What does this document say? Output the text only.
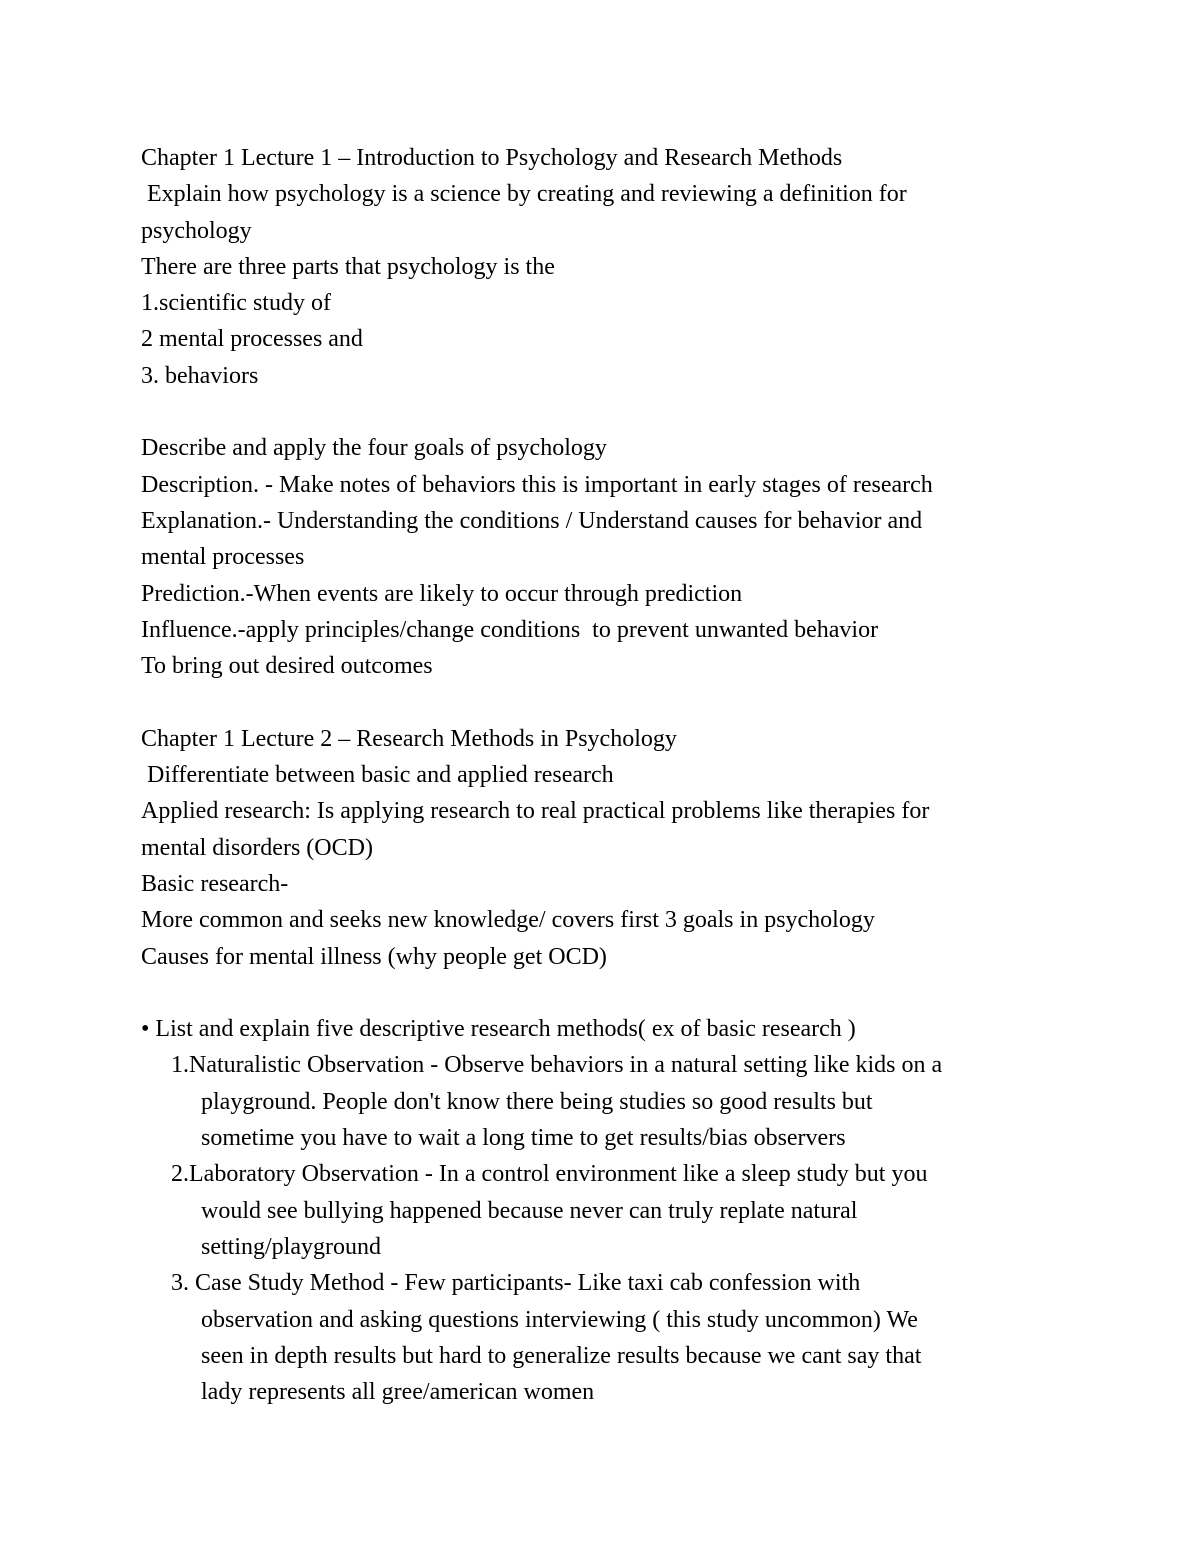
Chapter 1 Lecture 1 – Introduction to Psychology and Research Methods
Explain how psychology is a science by creating and reviewing a definition for
psychology
There are three parts that psychology is the
1.scientific study of
2 mental processes and
3. behaviors
Describe and apply the four goals of psychology
Description. - Make notes of behaviors this is important in early stages of research
Explanation.- Understanding the conditions / Understand causes for behavior and
mental processes
Prediction.-When events are likely to occur through prediction
Influence.-apply principles/change conditions  to prevent unwanted behavior
To bring out desired outcomes
Chapter 1 Lecture 2 – Research Methods in Psychology
Differentiate between basic and applied research
Applied research: Is applying research to real practical problems like therapies for
mental disorders (OCD)
Basic research-
More common and seeks new knowledge/ covers first 3 goals in psychology
Causes for mental illness (why people get OCD)
• List and explain five descriptive research methods( ex of basic research )
1.Naturalistic Observation - Observe behaviors in a natural setting like kids on a
playground. People don't know there being studies so good results but
sometime you have to wait a long time to get results/bias observers
2.Laboratory Observation - In a control environment like a sleep study but you
would see bullying happened because never can truly replate natural
setting/playground
3. Case Study Method - Few participants- Like taxi cab confession with
observation and asking questions interviewing ( this study uncommon) We
seen in depth results but hard to generalize results because we cant say that
lady represents all gree/american women
